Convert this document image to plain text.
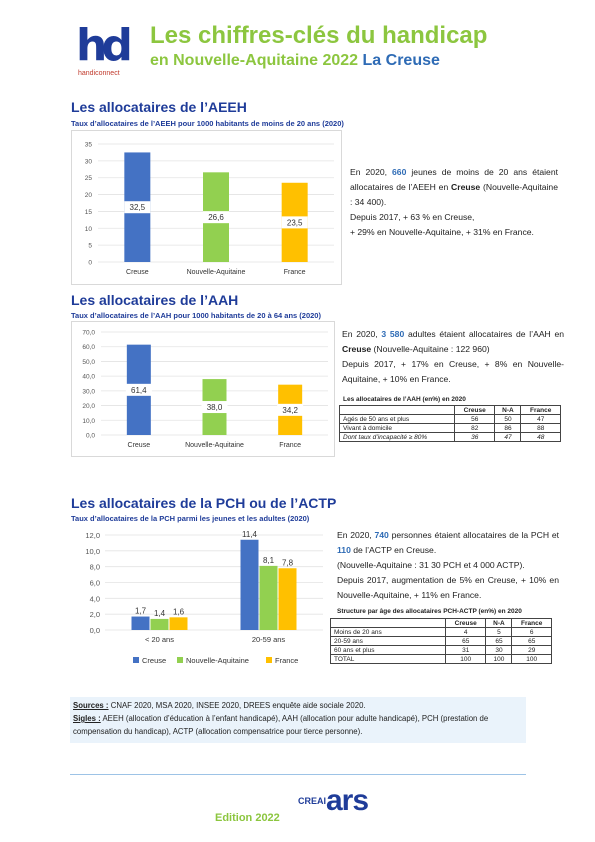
hd
handiconnect
Les chiffres-clés du handicap
en Nouvelle-Aquitaine 2022 La Creuse
Les allocataires de l’AEEH
Taux d’allocataires de l’AEEH pour 1000 habitants de moins de 20 ans (2020)
0
5
10
15
20
25
30
35
32,5
Creuse
26,6
Nouvelle-Aquitaine
23,5
France
En 2020, 660 jeunes de moins de 20 ans étaient allocataires de l’AEEH en Creuse (Nouvelle-Aquitaine : 34 400).
Depuis 2017, + 63 % en Creuse,
+ 29% en Nouvelle-Aquitaine, + 31% en France.
Les allocataires de l’AAH
Taux d’allocataires de l’AAH pour 1000 habitants de 20 à 64 ans (2020)
0,0
10,0
20,0
30,0
40,0
50,0
60,0
70,0
61,4
Creuse
38,0
Nouvelle-Aquitaine
34,2
France
En 2020, 3 580 adultes étaient allocataires de l’AAH en Creuse (Nouvelle-Aquitaine : 122 960)
Depuis 2017, + 17% en Creuse, + 8% en Nouvelle-Aquitaine, + 10% en France.
Les allocataires de l’AAH (en%) en 2020
	Creuse	N-A	France
Agés de 50 ans et plus	56	50	47
Vivant à domicile	82	86	88
Dont taux d’incapacité ≥ 80%	36	47	48
Les allocataires de la PCH ou de l’ACTP
Taux d’allocataires de la PCH parmi les jeunes et les adultes (2020)
0,0
2,0
4,0
6,0
8,0
10,0
12,0
1,7 1,4 1,6
< 20 ans
11,4
8,1 7,8
20-59 ans
Creuse	Nouvelle-Aquitaine	France
En 2020, 740 personnes étaient allocataires de la PCH et 110 de l’ACTP en Creuse.
(Nouvelle-Aquitaine : 31 30 PCH et 4 000 ACTP).
Depuis 2017, augmentation de 5% en Creuse, + 10% en Nouvelle-Aquitaine, + 11% en France.
Structure par âge des allocataires PCH-ACTP (en%) en 2020
	Creuse	N-A	France
Moins de 20 ans	4	5	6
20-59 ans	65	65	65
60 ans et plus	31	30	29
TOTAL	100	100	100
Sources : CNAF 2020, MSA 2020, INSEE 2020, DREES enquête aide sociale 2020.
Sigles : AEEH (allocation d’éducation à l’enfant handicapé), AAH (allocation pour adulte handicapé), PCH (prestation de compensation du handicap), ACTP (allocation compensatrice pour tierce personne).
Edition 2022
CREAI ars
